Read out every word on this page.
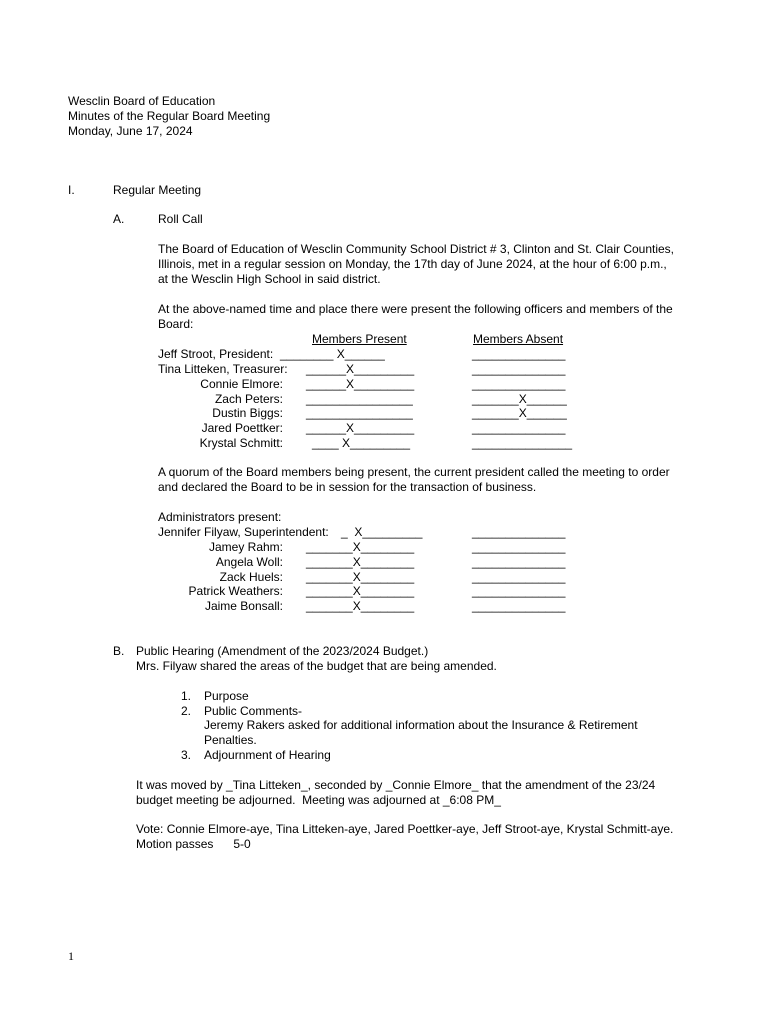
Wesclin Board of Education
Minutes of the Regular Board Meeting
Monday, June 17, 2024
I.	Regular Meeting
A.	Roll Call
The Board of Education of Wesclin Community School District # 3, Clinton and St. Clair Counties,
Illinois, met in a regular session on Monday, the 17th day of June 2024, at the hour of 6:00 p.m.,
at the Wesclin High School in said district.
At the above-named time and place there were present the following officers and members of the
Board:
Members Present	Members Absent
Jeff Stroot, President: ________ X______	______________
Tina Litteken, Treasurer: ______X_________	______________
Connie Elmore: ______X_________	______________
Zach Peters: ________________	_______X______
Dustin Biggs: ________________	_______X______
Jared Poettker: ______X_________	______________
Krystal Schmitt: ____ X_________	_______________
A quorum of the Board members being present, the current president called the meeting to order
and declared the Board to be in session for the transaction of business.
Administrators present:
Jennifer Filyaw, Superintendent: _  X_________	______________
Jamey Rahm: _______X________	______________
Angela Woll: _______X________	______________
Zack Huels: _______X________	______________
Patrick Weathers: _______X________	______________
Jaime Bonsall: _______X________	______________
B. Public Hearing (Amendment of the 2023/2024 Budget.)
Mrs. Filyaw shared the areas of the budget that are being amended.
1. Purpose
2. Public Comments-
Jeremy Rakers asked for additional information about the Insurance & Retirement
Penalties.
3. Adjournment of Hearing
It was moved by _Tina Litteken_, seconded by _Connie Elmore_ that the amendment of the 23/24
budget meeting be adjourned.  Meeting was adjourned at _6:08 PM_
Vote: Connie Elmore-aye, Tina Litteken-aye, Jared Poettker-aye, Jeff Stroot-aye, Krystal Schmitt-aye.
Motion passes      5-0
1
